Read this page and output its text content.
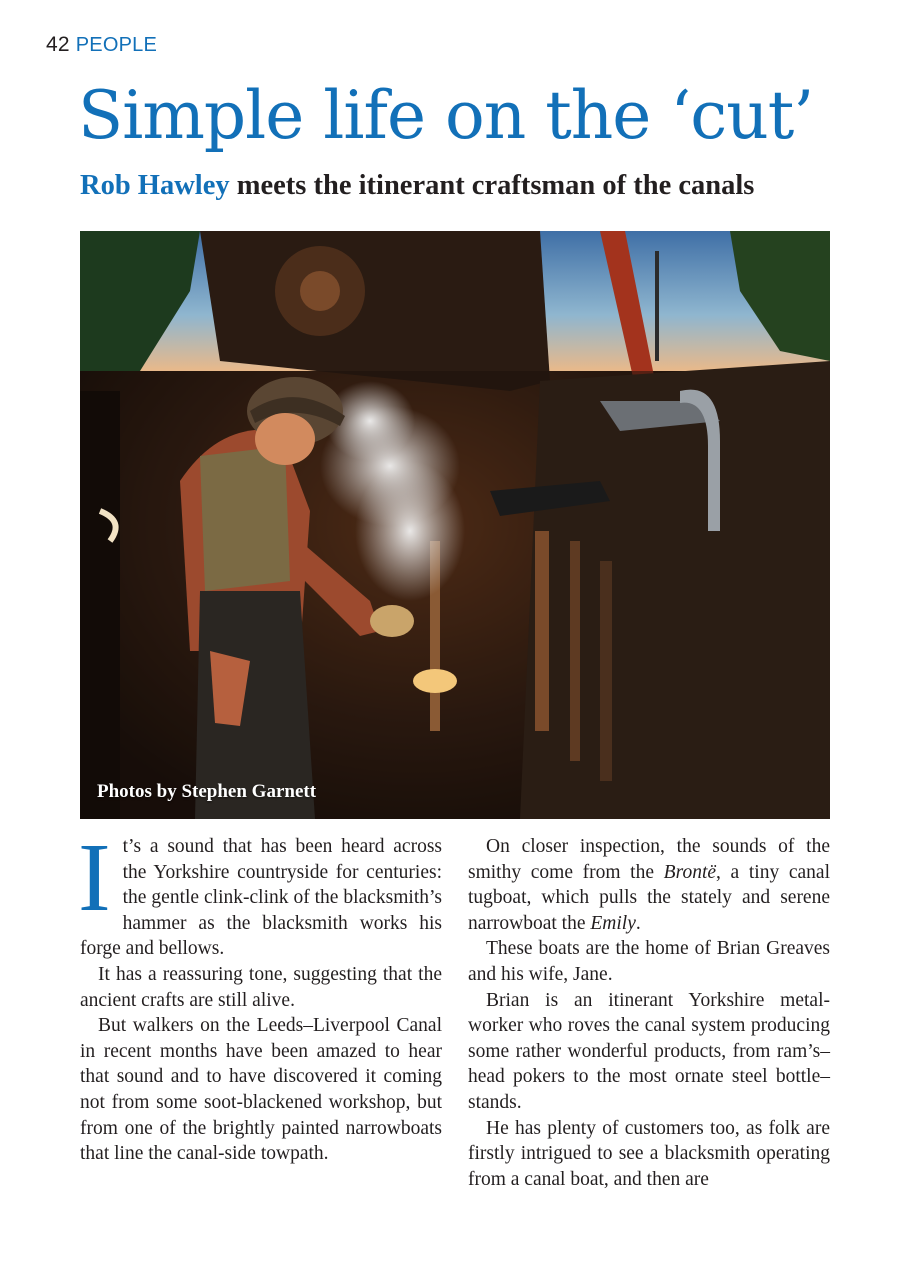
42 PEOPLE
Simple life on the ‘cut’

Rob Hawley meets the itinerant craftsman of the canals

Photos by Stephen Garnett

It’s a sound that has been heard across the Yorkshire countryside for centuries: the gentle clink-clink of the blacksmith’s hammer as the blacksmith works his forge and bellows.

It has a reassuring tone, suggesting that the ancient crafts are still alive.

But walkers on the Leeds–Liverpool Canal in recent months have been amazed to hear that sound and to have discovered it coming not from some soot-blackened workshop, but from one of the brightly painted narrowboats that line the canal-side towpath.

On closer inspection, the sounds of the smithy come from the Brontë, a tiny canal tugboat, which pulls the stately and serene narrowboat the Emily.

These boats are the home of Brian Greaves and his wife, Jane.

Brian is an itinerant Yorkshire metal-worker who roves the canal system producing some rather wonderful products, from ram’s–head pokers to the most ornate steel bottle–stands.

He has plenty of customers too, as folk are firstly intrigued to see a blacksmith operating from a canal boat, and then are
